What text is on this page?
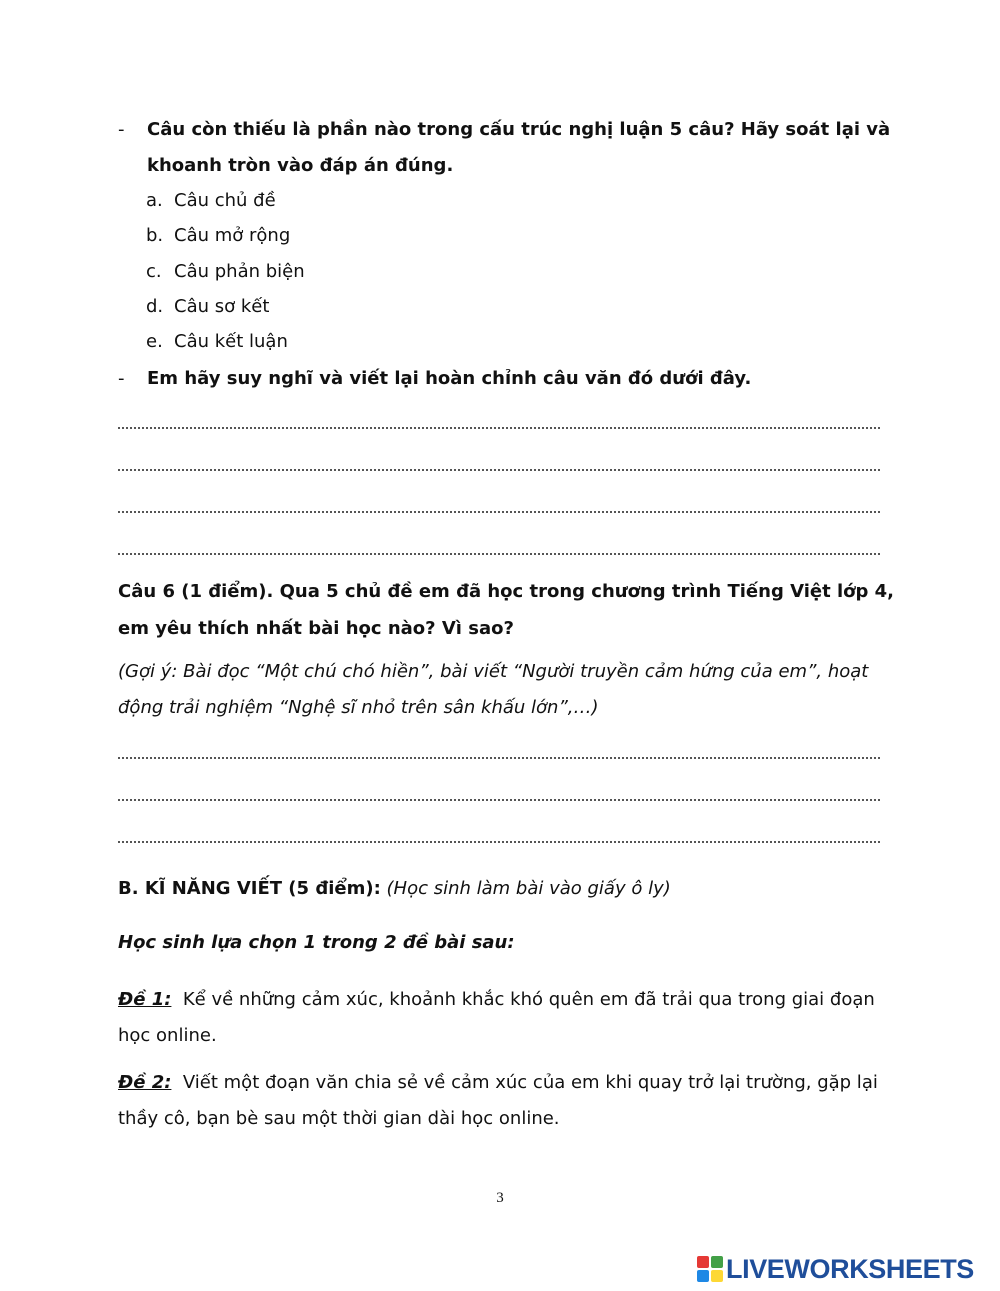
-	Câu còn thiếu là phần nào trong cấu trúc nghị luận 5 câu? Hãy soát lại và khoanh tròn vào đáp án đúng.
a. Câu chủ đề
b. Câu mở rộng
c. Câu phản biện
d. Câu sơ kết
e. Câu kết luận
-	Em hãy suy nghĩ và viết lại hoàn chỉnh câu văn đó dưới đây.
Câu 6 (1 điểm). Qua 5 chủ đề em đã học trong chương trình Tiếng Việt lớp 4, em yêu thích nhất bài học nào? Vì sao?
(Gợi ý: Bài đọc “Một chú chó hiền”, bài viết “Người truyền cảm hứng của em”, hoạt động trải nghiệm “Nghệ sĩ nhỏ trên sân khấu lớn”,…)
B. KĨ NĂNG VIẾT (5 điểm): (Học sinh làm bài vào giấy ô ly)
Học sinh lựa chọn 1 trong 2 đề bài sau:
Đề 1: Kể về những cảm xúc, khoảnh khắc khó quên em đã trải qua trong giai đoạn học online.
Đề 2: Viết một đoạn văn chia sẻ về cảm xúc của em khi quay trở lại trường, gặp lại thầy cô, bạn bè sau một thời gian dài học online.
3
LIVEWORKSHEETS
